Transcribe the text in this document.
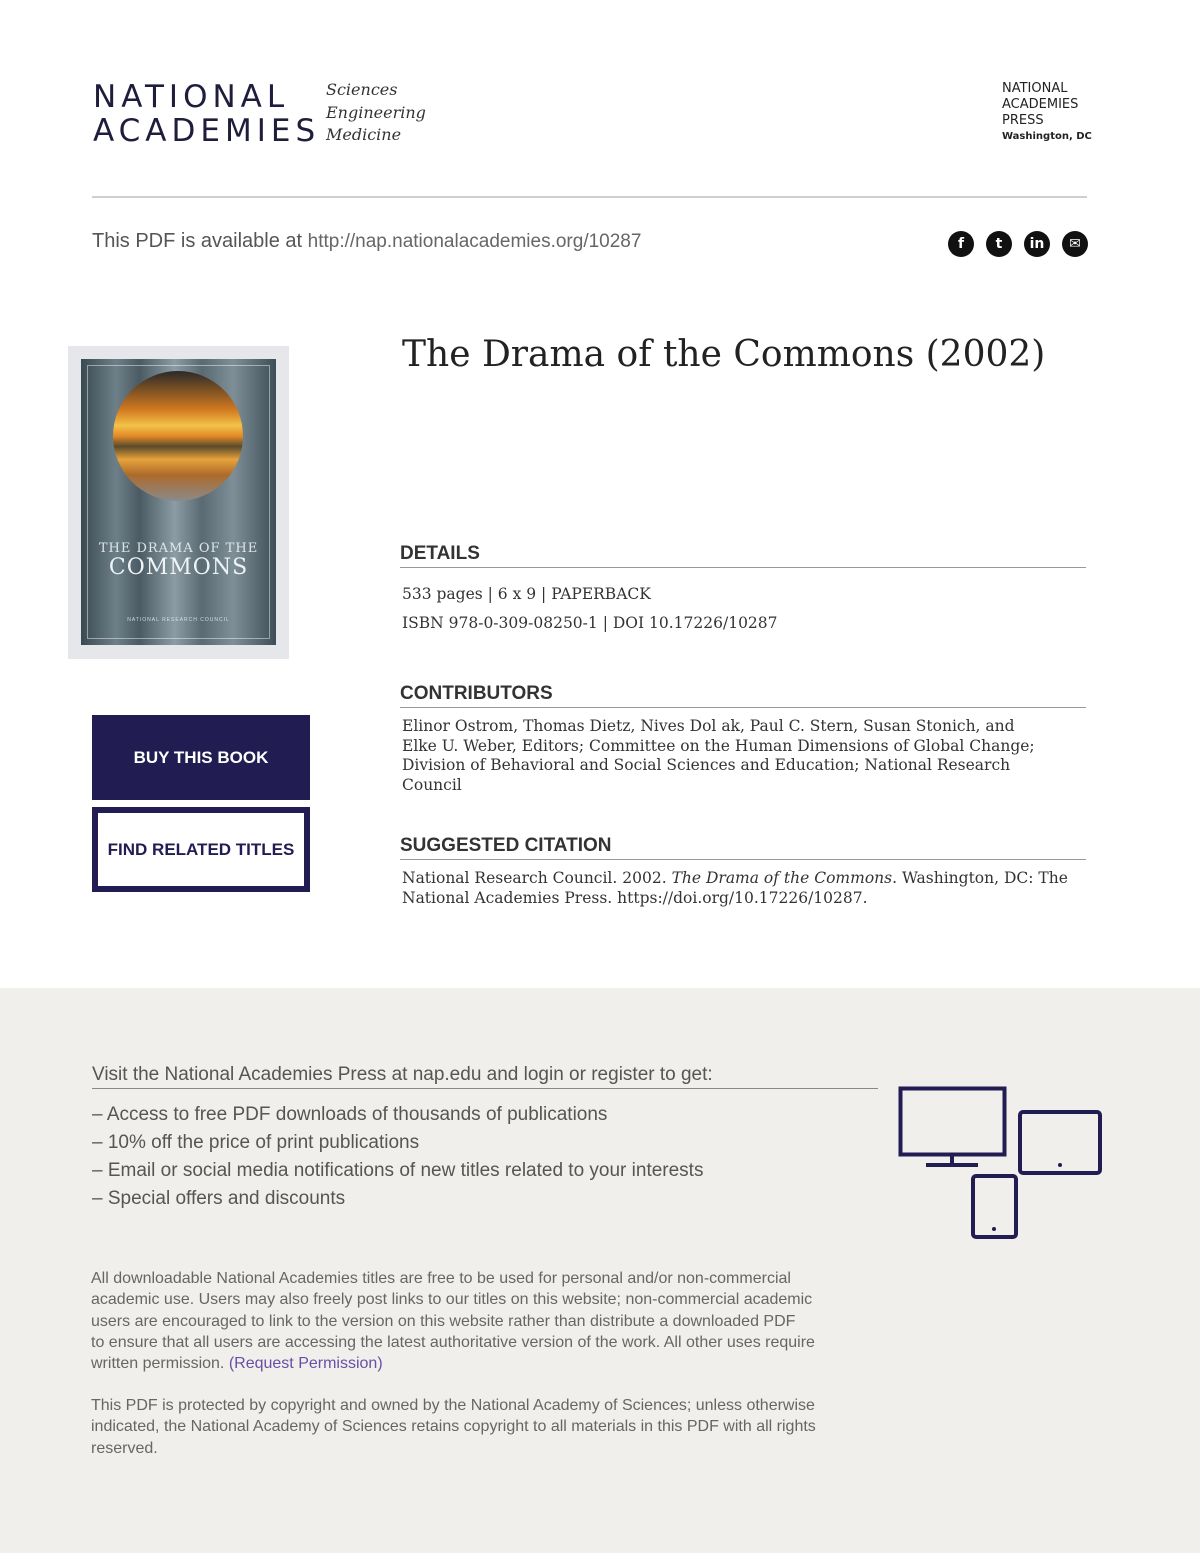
NATIONAL
ACADEMIES
Sciences
Engineering
Medicine
NATIONAL
ACADEMIES
PRESS
Washington, DC
This PDF is available at http://nap.nationalacademies.org/10287	f	t	in	✉
THE DRAMA OF THE
COMMONS
NATIONAL RESEARCH COUNCIL
BUY THIS BOOK
FIND RELATED TITLES
The Drama of the Commons (2002)
DETAILS
533 pages | 6 x 9 | PAPERBACK
ISBN 978-0-309-08250-1 | DOI 10.17226/10287
CONTRIBUTORS
Elinor Ostrom, Thomas Dietz, Nives Dol ak, Paul C. Stern, Susan Stonich, and
Elke U. Weber, Editors; Committee on the Human Dimensions of Global Change;
Division of Behavioral and Social Sciences and Education; National Research
Council
SUGGESTED CITATION
National Research Council. 2002. The Drama of the Commons. Washington, DC: The
National Academies Press. https://doi.org/10.17226/10287.
Visit the National Academies Press at nap.edu and login or register to get:
– Access to free PDF downloads of thousands of publications
– 10% off the price of print publications
– Email or social media notifications of new titles related to your interests
– Special offers and discounts
All downloadable National Academies titles are free to be used for personal and/or non-commercial
academic use. Users may also freely post links to our titles on this website; non-commercial academic
users are encouraged to link to the version on this website rather than distribute a downloaded PDF
to ensure that all users are accessing the latest authoritative version of the work. All other uses require
written permission. (Request Permission)
This PDF is protected by copyright and owned by the National Academy of Sciences; unless otherwise
indicated, the National Academy of Sciences retains copyright to all materials in this PDF with all rights
reserved.
